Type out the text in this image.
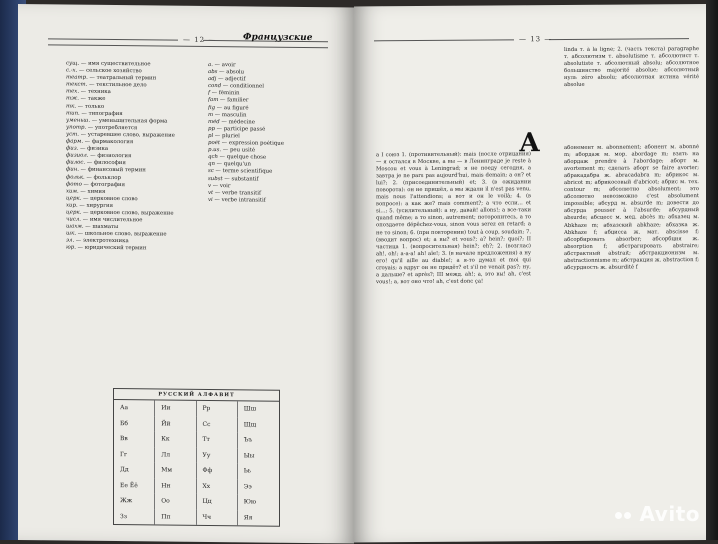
— 12 —	Французские
сущ. — имя существительное
с.-х. — сельское хозяйство
театр. — театральный термин
текст. — текстильное дело
тех. — техника
тж. — также
тк. — только
тип. — типография
уменьш. — уменьшительная форма
употр. — употребляется
уст. — устаревшее слово, выражение
фарм. — фармакология
физ. — физика
физиол. — физиология
филос. — философия
фин. — финансовый термин
фольк. — фольклор
фото — фотография
хим. — химия
церк. — церковное слово
хир. — хирургия
церк. — церковное слово, выражение
числ. — имя числительное
шахм. — шахматы
шк. — школьное слово, выражение
эл. — электротехника
юр. — юридический термин
a. — avoir
abs — absolu
adj — adjectif
cond — conditionnel
f — féminin
fam — familier
fig — au figuré
m — masculin
méd — médecine
pp — participe passé
pl — pluriel
poét — expression poétique
p.us. — peu usité
qch — quelque chose
qn — quelqu'un
sc — terme scientifique
subst — substantif
v — voir
vt — verbe transitif
vi — verbe intransitif
РУССКИЙ АЛФАВИТ
Аа	Ии	Рр	Шш
Бб	Йй	Сс	Щщ
Вв	Кк	Тт	Ъъ
Гг	Лл	Уу	Ыы
Дд	Мм	Фф	Ьь
Ее Ёё	Нн	Хх	Ээ
Жж	Оо	Цц	Юю
Зз	Пп	Чч	Яя
— 13 —
linda т. à la ligne; 2. (часть текста) paragraphe т. абсолютизм т. absolutisme т. абсолютист т. absolutiste т. абсолютный absolu; абсолютное большинство majorité absolue; абсолютный нуль zéro absolu; абсолютная истина vérité absolue
А
а I союз 1. (противительный): mais (после отрицания) — я остался в Москве, а вы — в Ленинграде je reste à Moscou et vous à Leningrad; я не поеду сегодня, а завтра je ne pars pas aujourd'hui, mais demain; а он? et lui?; 2. (присоединительный) et; 3. (в ожидании поворота): он не пришёл, а мы ждали il n'est pas venu, mais nous l'attendions; a вот и он le voilà; 4. (в вопросе): а как же? mais comment?; а что если... et si...; 5. (усилительный): а ну, давай! allons!; а все-таки quand même; а то sinon, autrement; поторопитесь, а то опоздаете dépêchez-vous, sinon vous serez en retard; a не то sinon; 6. (при повторении) tout à coup, soudain; 7. (вводит вопрос) et; а вы? et vous?; а? hein?; quoi?; II частица 1. (вопросительная) hein?; eh?; 2. (возглас) ah!, oh!; а-а-а! ah! aïe!; 3. (в начале предложения) a ну его! qu'il aille au diable!; а я-то думал et moi qui croyais; а вдруг он не придёт? et s'il ne venait pas?; ну, а дальше? et après?; III межд. ah!; а, это вы! ah, c'est vous!; а, вот оно что! ah, c'est donc ça!
абонемент м. abonnement; абонент м. abonné m; абордаж м. мор. abordage m; взять на абордаж prendre à l'abordage; аборт м. avortement m; сделать аборт se faire avorter; абракадабра ж. abracadabra m; абрикос м. abricot m; абрикосовый d'abricot; абрис м. тех. contour m; абсолютно absolument; это абсолютно невозможно c'est absolument impossible; абсурд м. absurde m; довести до абсурда pousser à l'absurde; абсурдный absurde; абсцесс м. мед. abcès m; абхазец м. Abkhaze m; абхазский abkhaze; абхазка ж. Abkhaze f; абцисса ж. мат. abscisse f; абсорбировать absorber; абсорбция ж. absorption f; абстрагировать abstraire; абстрактный abstrait; абстракционизм м. abstractionnisme m; абстракция ж. abstraction f; абсурдность ж. absurdité f
Avito
